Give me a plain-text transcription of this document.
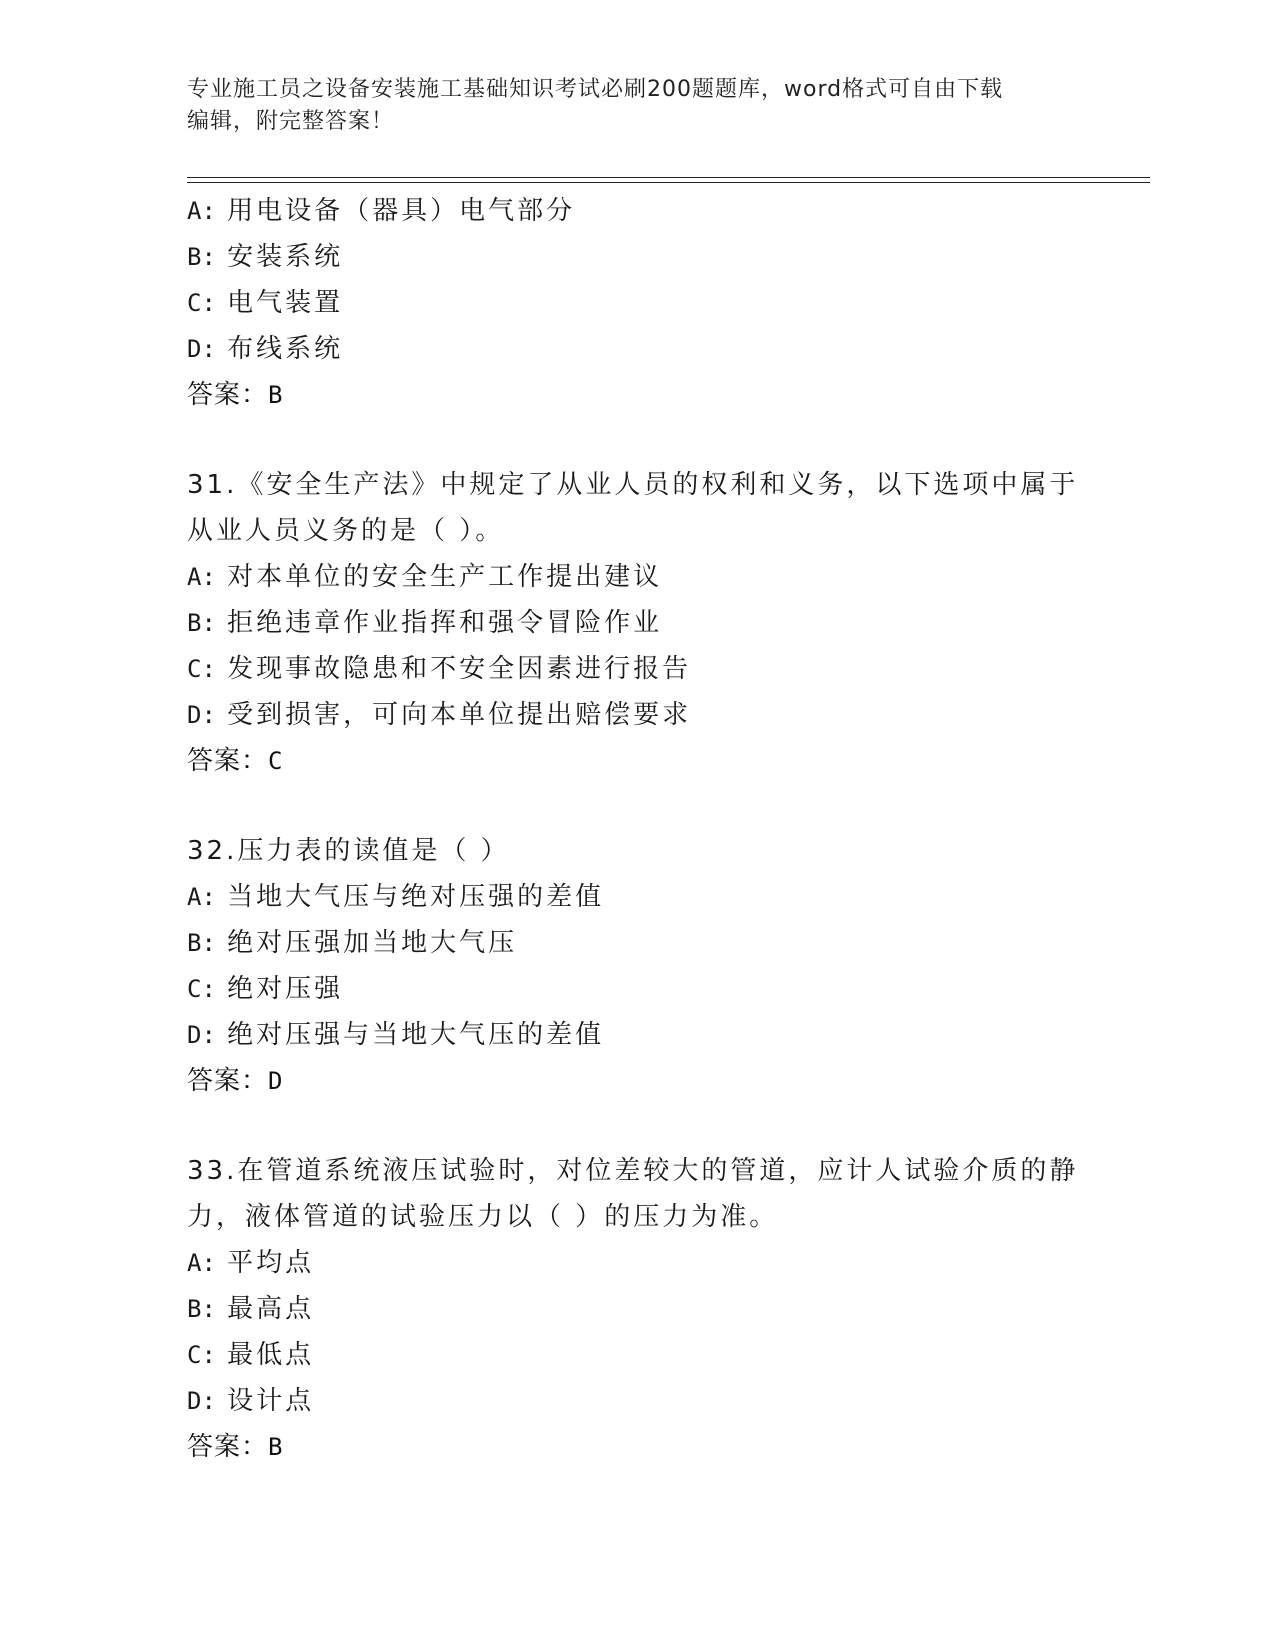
专业施工员之设备安装施工基础知识考试必刷200题题库，word格式可自由下载
编辑，附完整答案！
A: 用电设备（器具）电气部分
B: 安装系统
C: 电气装置
D: 布线系统
答案：B
31.《安全生产法》中规定了从业人员的权利和义务，以下选项中属于
从业人员义务的是（ ）。
A: 对本单位的安全生产工作提出建议
B: 拒绝违章作业指挥和强令冒险作业
C: 发现事故隐患和不安全因素进行报告
D: 受到损害，可向本单位提出赔偿要求
答案：C
32.压力表的读值是（ ）
A: 当地大气压与绝对压强的差值
B: 绝对压强加当地大气压
C: 绝对压强
D: 绝对压强与当地大气压的差值
答案：D
33.在管道系统液压试验时，对位差较大的管道，应计人试验介质的静
力，液体管道的试验压力以（ ）的压力为准。
A: 平均点
B: 最高点
C: 最低点
D: 设计点
答案：B
